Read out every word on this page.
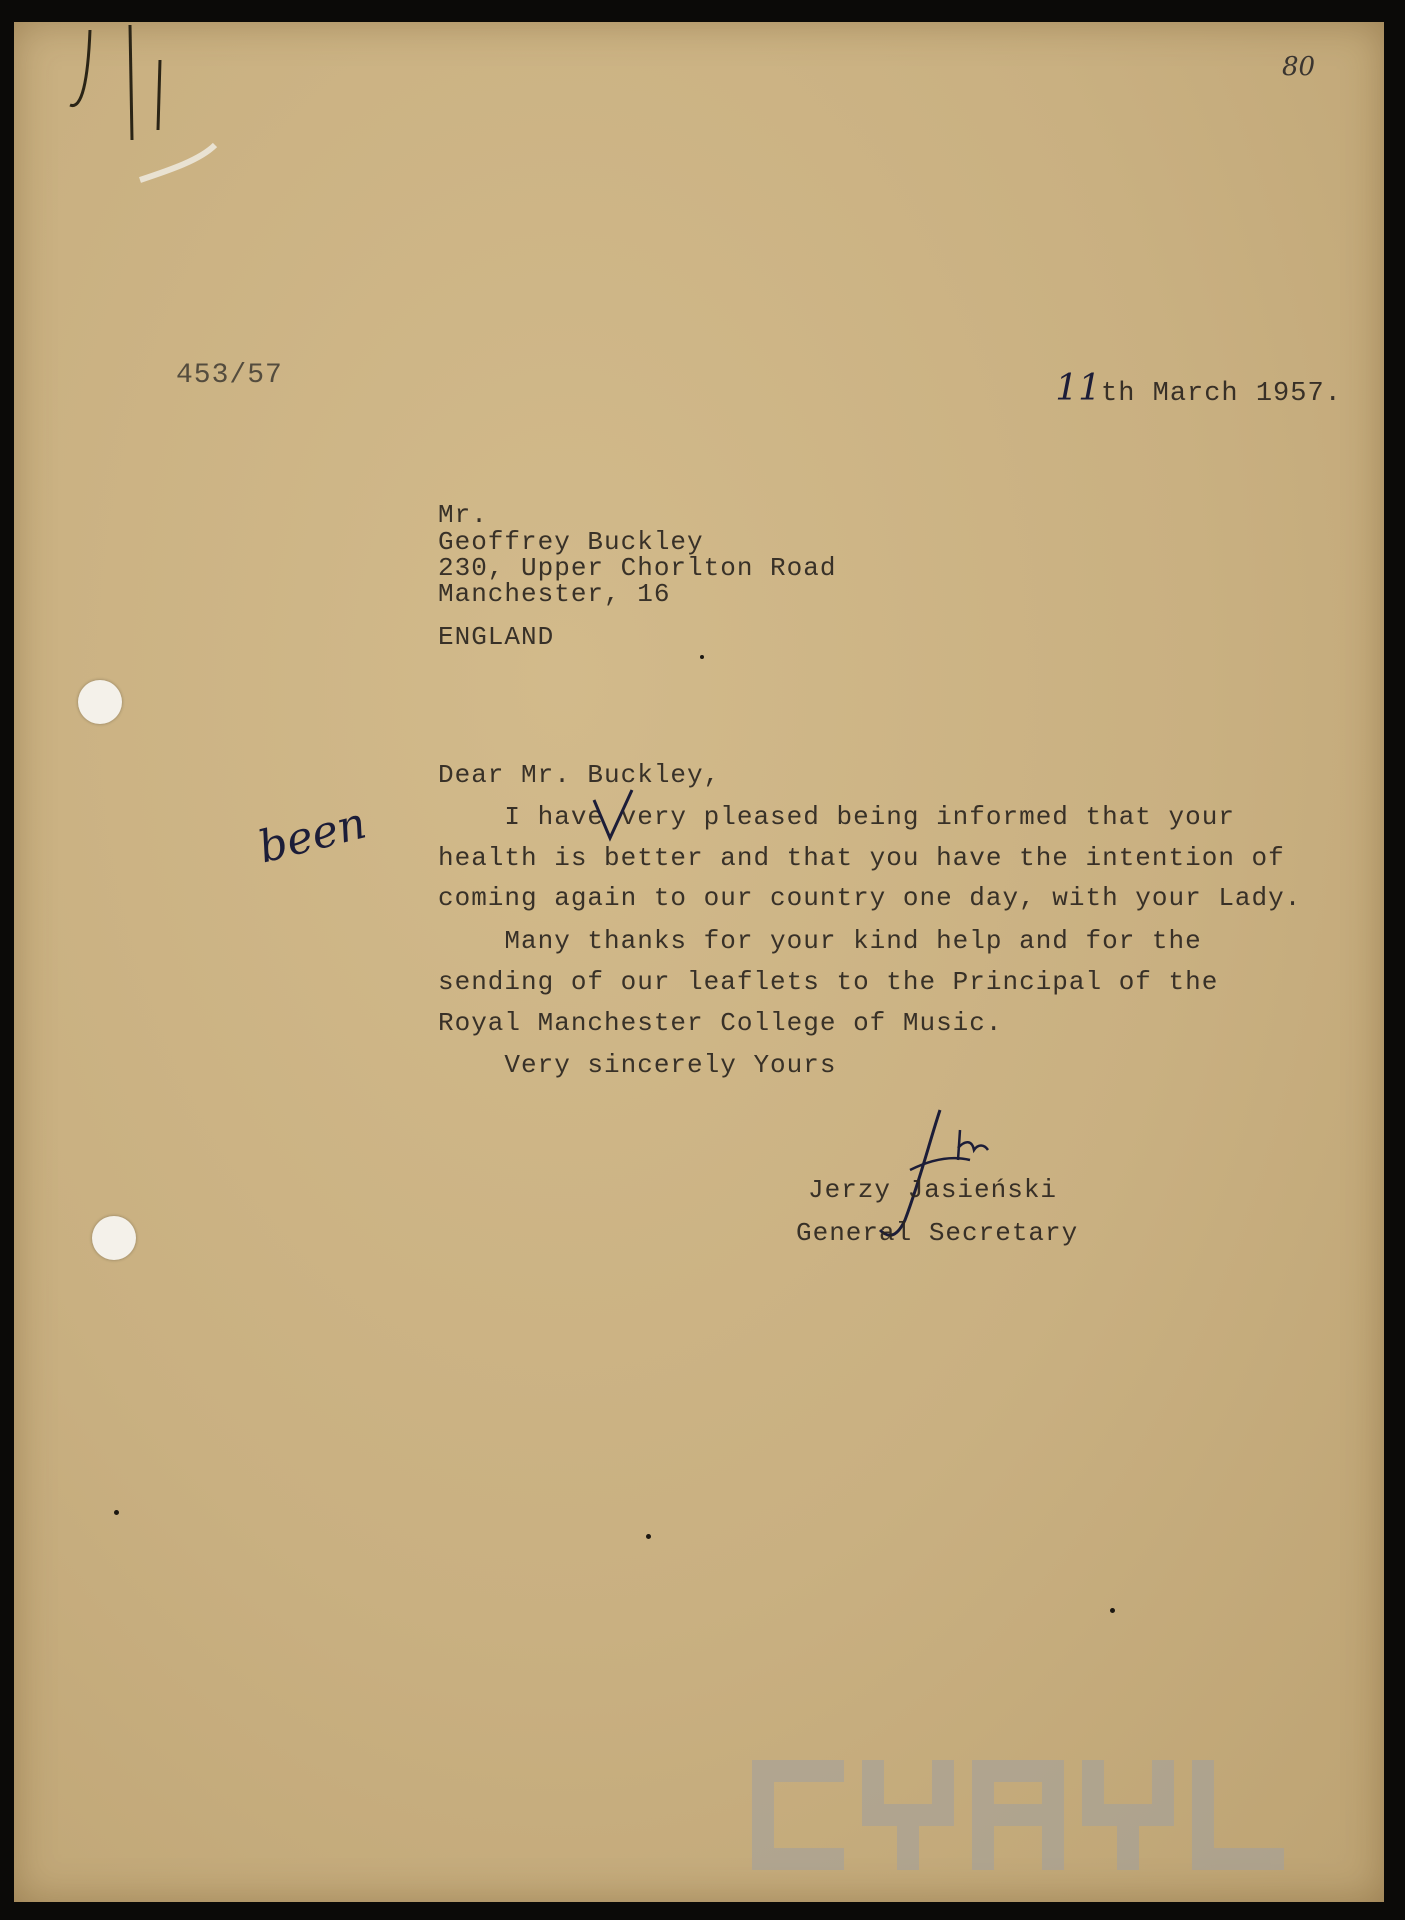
80
453/57	11th March 1957.

Mr.
Geoffrey Buckley
230, Upper Chorlton Road
Manchester, 16
ENGLAND
Dear Mr. Buckley,
I have very pleased being informed that your
health is better and that you have the intention of
coming again to our country one day, with your Lady.
Many thanks for your kind help and for the
sending of our leaflets to the Principal of the
Royal Manchester College of Music.
Very sincerely Yours
been
Jerzy Jasieński
General Secretary
